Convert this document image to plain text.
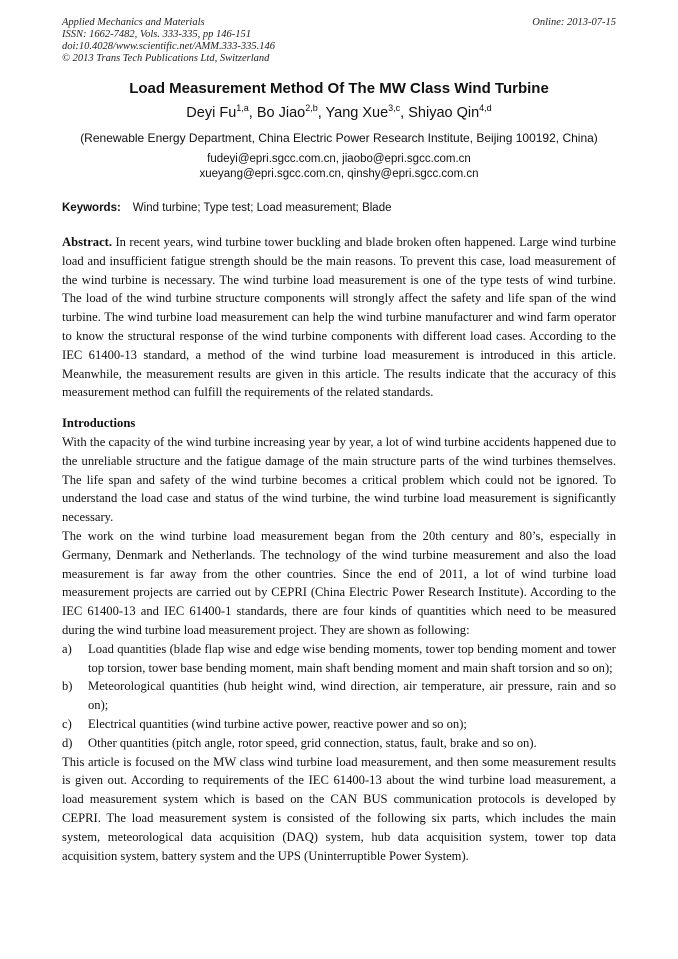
Applied Mechanics and Materials
ISSN: 1662-7482, Vols. 333-335, pp 146-151
doi:10.4028/www.scientific.net/AMM.333-335.146
© 2013 Trans Tech Publications Ltd, Switzerland
Online: 2013-07-15
Load Measurement Method Of The MW Class Wind Turbine
Deyi Fu$^{1,a}$, Bo Jiao$^{2,b}$, Yang Xue$^{3,c}$, Shiyao Qin$^{4,d}$
(Renewable Energy Department, China Electric Power Research Institute, Beijing 100192, China)
fudeyi@epri.sgcc.com.cn, jiaobo@epri.sgcc.com.cn
xueyang@epri.sgcc.com.cn, qinshy@epri.sgcc.com.cn
Keywords: Wind turbine; Type test; Load measurement; Blade

Abstract. In recent years, wind turbine tower buckling and blade broken often happened. Large wind turbine load and insufficient fatigue strength should be the main reasons. To prevent this case, load measurement of the wind turbine is necessary. The wind turbine load measurement is one of the type tests of wind turbine. The load of the wind turbine structure components will strongly affect the safety and life span of the wind turbine. The wind turbine load measurement can help the wind turbine manufacturer and wind farm operator to know the structural response of the wind turbine components with different load cases. According to the IEC 61400-13 standard, a method of the wind turbine load measurement is introduced in this article. Meanwhile, the measurement results are given in this article. The results indicate that the accuracy of this measurement method can fulfill the requirements of the related standards.

Introductions

With the capacity of the wind turbine increasing year by year, a lot of wind turbine accidents happened due to the unreliable structure and the fatigue damage of the main structure parts of the wind turbines themselves. The life span and safety of the wind turbine becomes a critical problem which could not be ignored. To understand the load case and status of the wind turbine, the wind turbine load measurement is significantly necessary.

The work on the wind turbine load measurement began from the 20th century and 80’s, especially in Germany, Denmark and Netherlands. The technology of the wind turbine measurement and also the load measurement is far away from the other countries. Since the end of 2011, a lot of wind turbine load measurement projects are carried out by CEPRI (China Electric Power Research Institute). According to the IEC 61400-13 and IEC 61400-1 standards, there are four kinds of quantities which need to be measured during the wind turbine load measurement project. They are shown as following:

a)	Load quantities (blade flap wise and edge wise bending moments, tower top bending moment and tower top torsion, tower base bending moment, main shaft bending moment and main shaft torsion and so on);
b)	Meteorological quantities (hub height wind, wind direction, air temperature, air pressure, rain and so on);
c)	Electrical quantities (wind turbine active power, reactive power and so on);
d)	Other quantities (pitch angle, rotor speed, grid connection, status, fault, brake and so on).

This article is focused on the MW class wind turbine load measurement, and then some measurement results is given out. According to requirements of the IEC 61400-13 about the wind turbine load measurement, a load measurement system which is based on the CAN BUS communication protocols is developed by CEPRI. The load measurement system is consisted of the following six parts, which includes the main system, meteorological data acquisition (DAQ) system, hub data acquisition system, tower top data acquisition system, battery system and the UPS (Uninterruptible Power System).
